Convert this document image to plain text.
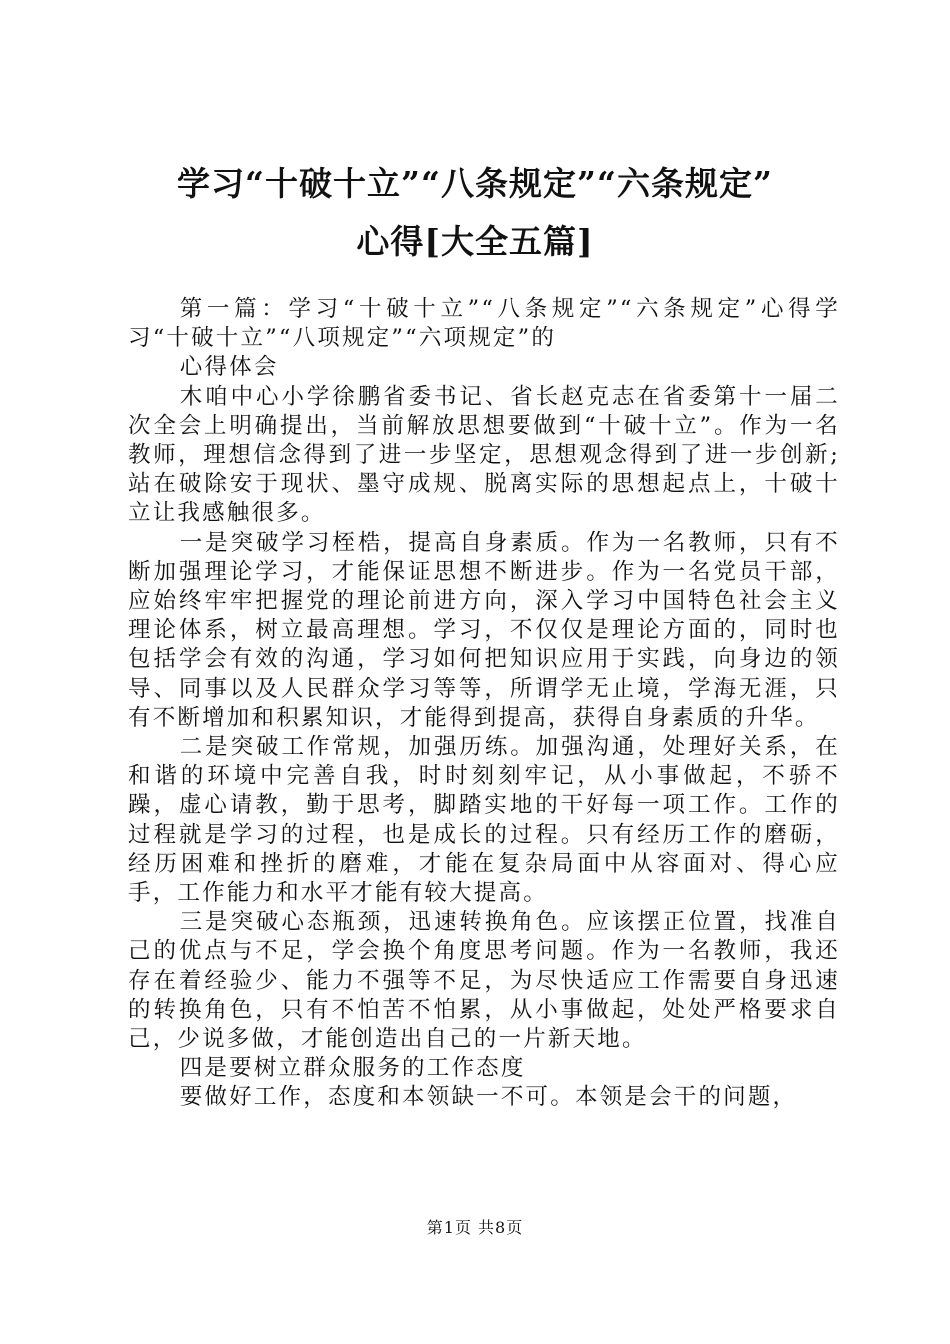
学习“十破十立”“八条规定”“六条规定”
心得[大全五篇]

第一篇：学习“十破十立”“八条规定”“六条规定”心得学习“十破十立”“八项规定”“六项规定”的

心得体会

木咱中心小学徐鹏省委书记、省长赵克志在省委第十一届二次全会上明确提出，当前解放思想要做到“十破十立”。作为一名教师，理想信念得到了进一步坚定，思想观念得到了进一步创新;站在破除安于现状、墨守成规、脱离实际的思想起点上，十破十立让我感触很多。

一是突破学习桎梏，提高自身素质。作为一名教师，只有不断加强理论学习，才能保证思想不断进步。作为一名党员干部，应始终牢牢把握党的理论前进方向，深入学习中国特色社会主义理论体系，树立最高理想。学习，不仅仅是理论方面的，同时也包括学会有效的沟通，学习如何把知识应用于实践，向身边的领导、同事以及人民群众学习等等，所谓学无止境，学海无涯，只有不断增加和积累知识，才能得到提高，获得自身素质的升华。

二是突破工作常规，加强历练。加强沟通，处理好关系，在和谐的环境中完善自我，时时刻刻牢记，从小事做起，不骄不躁，虚心请教，勤于思考，脚踏实地的干好每一项工作。工作的过程就是学习的过程，也是成长的过程。只有经历工作的磨砺，经历困难和挫折的磨难，才能在复杂局面中从容面对、得心应手，工作能力和水平才能有较大提高。

三是突破心态瓶颈，迅速转换角色。应该摆正位置，找准自己的优点与不足，学会换个角度思考问题。作为一名教师，我还存在着经验少、能力不强等不足，为尽快适应工作需要自身迅速的转换角色，只有不怕苦不怕累，从小事做起，处处严格要求自己，少说多做，才能创造出自己的一片新天地。

四是要树立群众服务的工作态度

要做好工作，态度和本领缺一不可。本领是会干的问题，

第1页 共8页
